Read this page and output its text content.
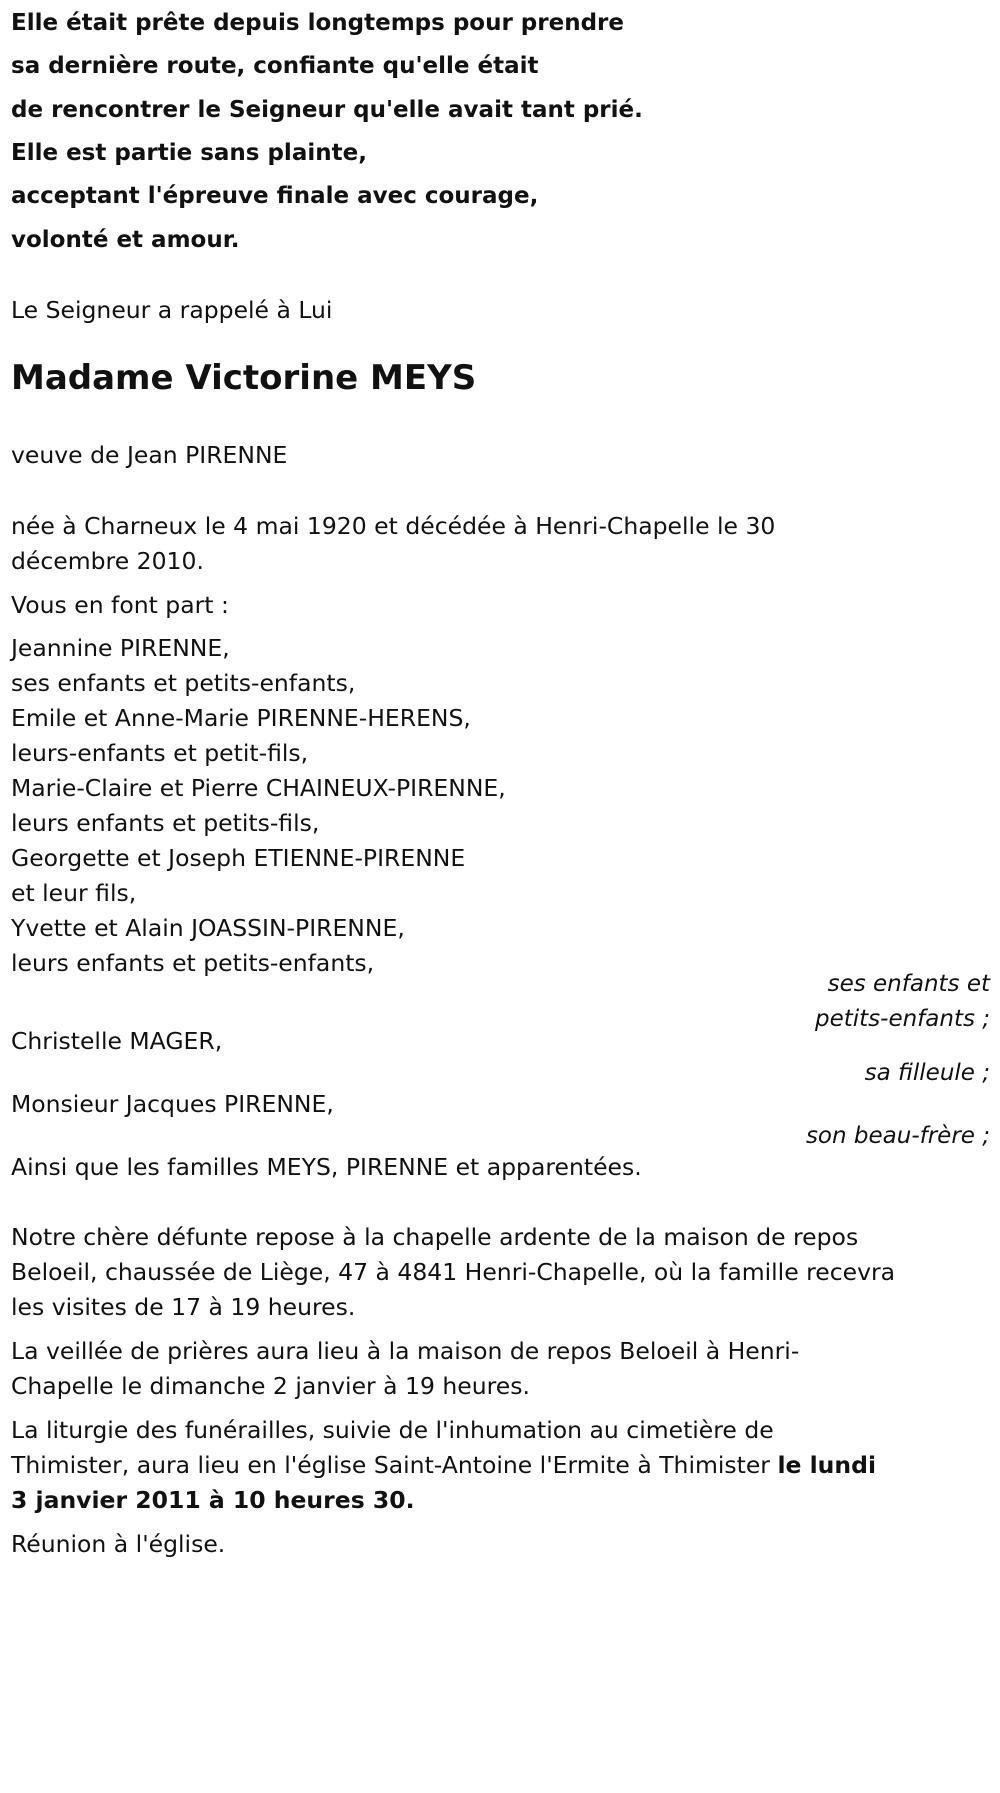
Elle était prête depuis longtemps pour prendre
sa dernière route, confiante qu'elle était
de rencontrer le Seigneur qu'elle avait tant prié.
Elle est partie sans plainte,
acceptant l'épreuve finale avec courage,
volonté et amour.
Le Seigneur a rappelé à Lui
Madame Victorine MEYS
veuve de Jean PIRENNE
née à Charneux le 4 mai 1920 et décédée à Henri-Chapelle le 30
décembre 2010.
Vous en font part :
Jeannine PIRENNE,
ses enfants et petits-enfants,
Emile et Anne-Marie PIRENNE-HERENS,
leurs-enfants et petit-fils,
Marie-Claire et Pierre CHAINEUX-PIRENNE,
leurs enfants et petits-fils,
Georgette et Joseph ETIENNE-PIRENNE
et leur fils,
Yvette et Alain JOASSIN-PIRENNE,
leurs enfants et petits-enfants,
ses enfants et
petits-enfants ;
Christelle MAGER,
sa filleule ;
Monsieur Jacques PIRENNE,
son beau-frère ;
Ainsi que les familles MEYS, PIRENNE et apparentées.
Notre chère défunte repose à la chapelle ardente de la maison de repos
Beloeil, chaussée de Liège, 47 à 4841 Henri-Chapelle, où la famille recevra
les visites de 17 à 19 heures.
La veillée de prières aura lieu à la maison de repos Beloeil à Henri-
Chapelle le dimanche 2 janvier à 19 heures.
La liturgie des funérailles, suivie de l'inhumation au cimetière de
Thimister, aura lieu en l'église Saint-Antoine l'Ermite à Thimister le lundi
3 janvier 2011 à 10 heures 30.
Réunion à l'église.
